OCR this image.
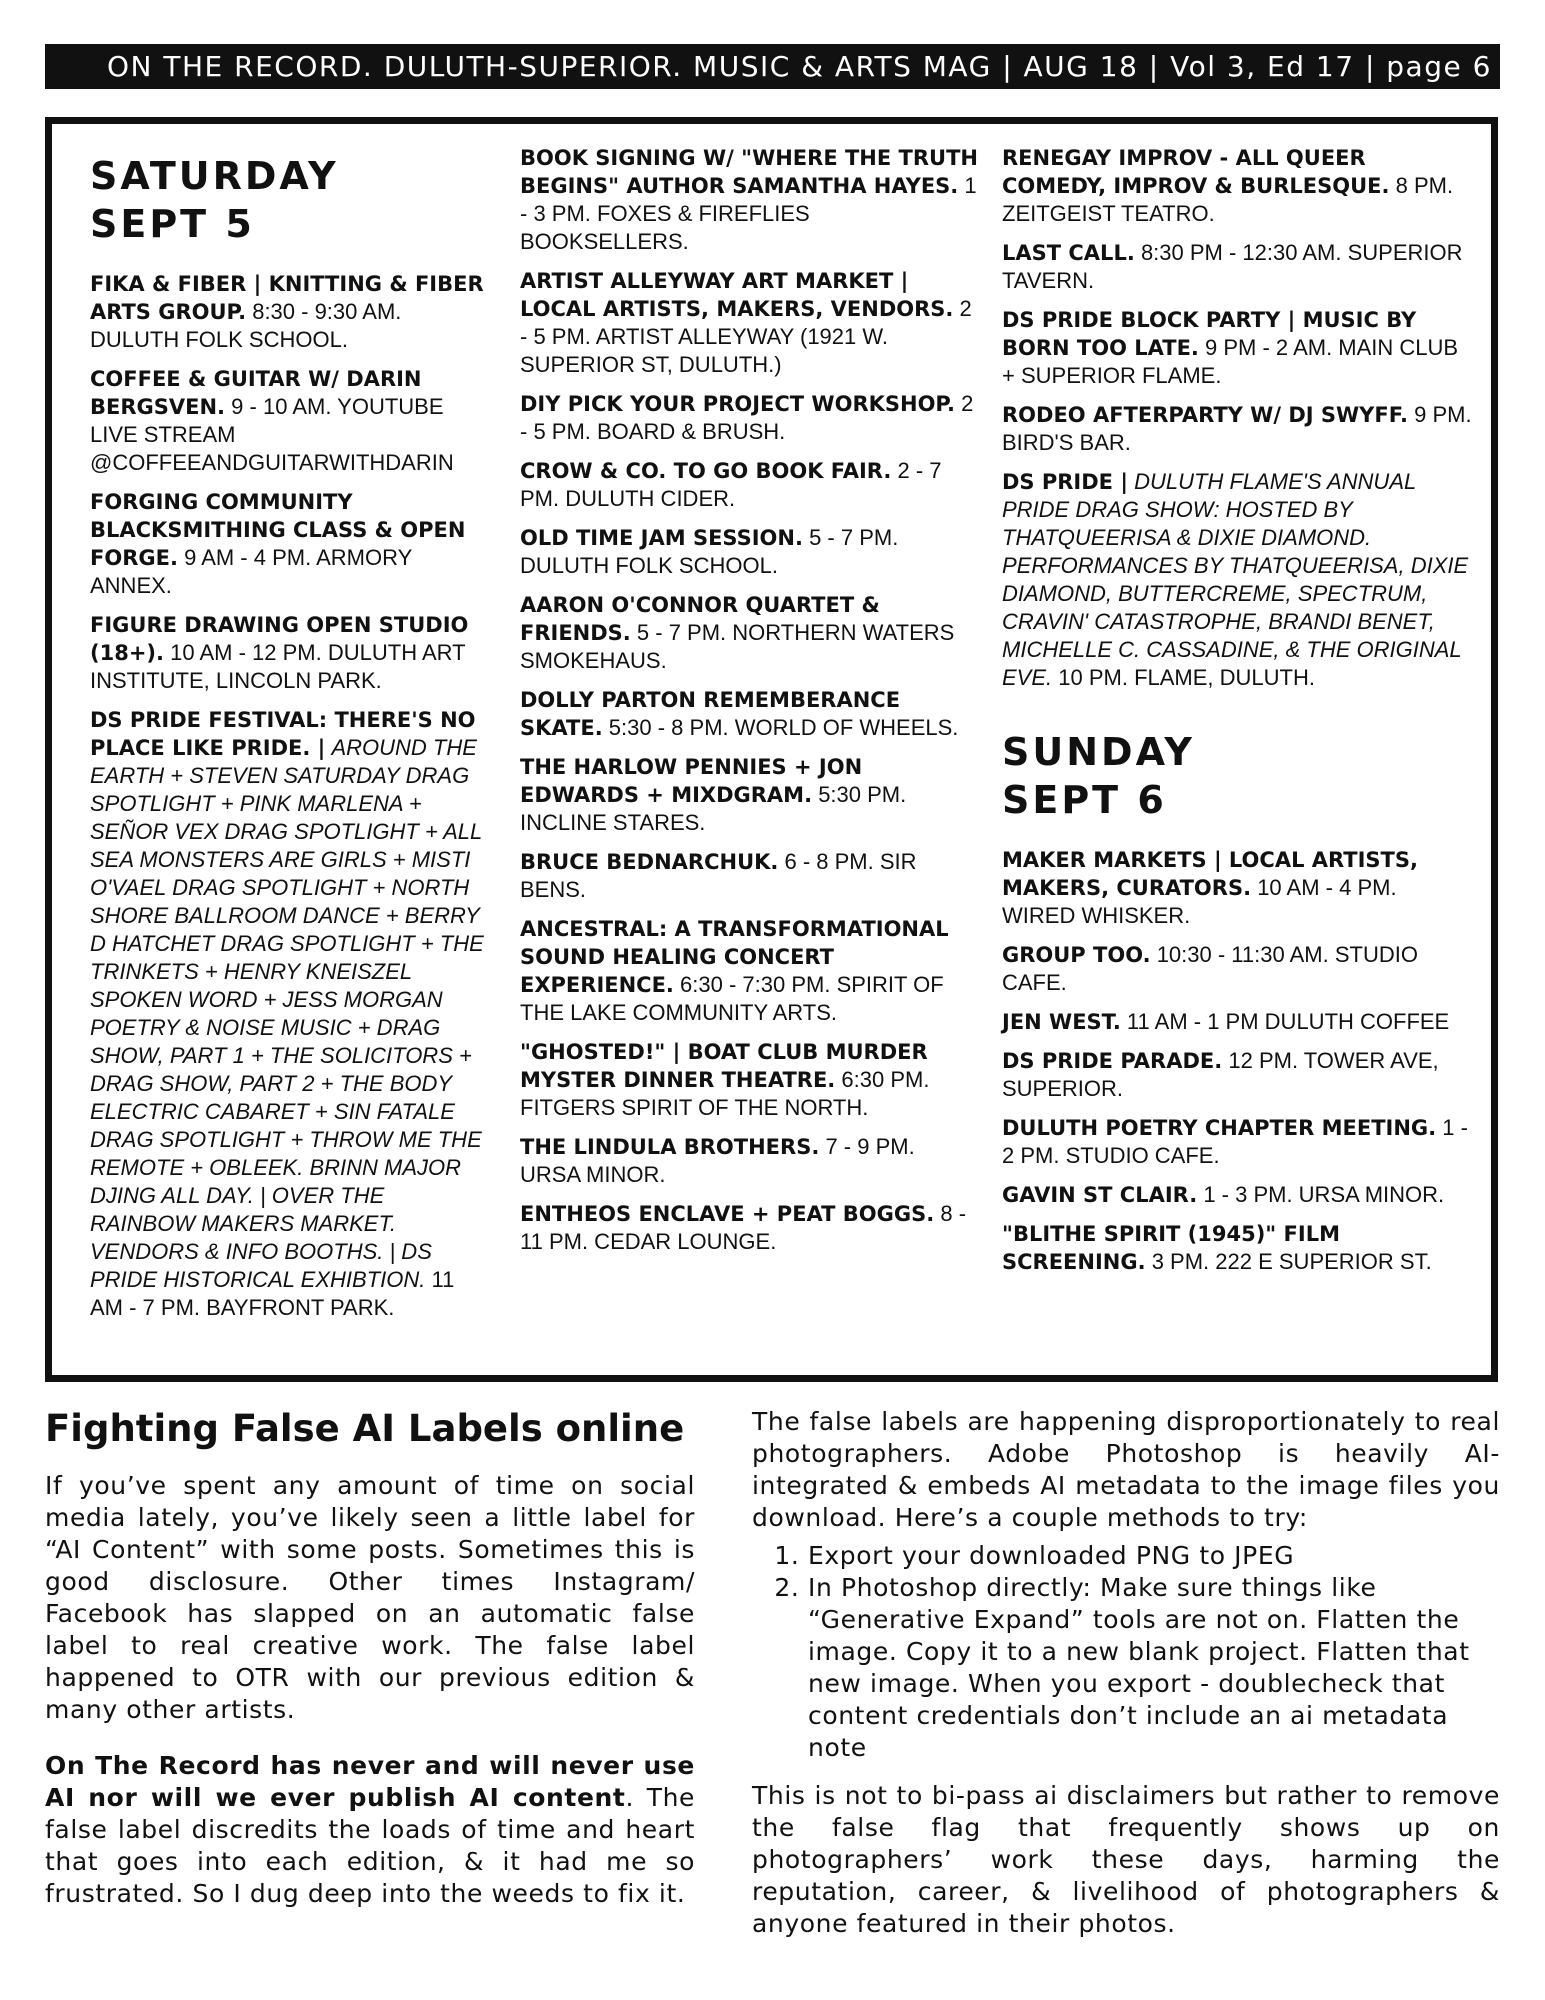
ON THE RECORD. DULUTH-SUPERIOR. MUSIC & ARTS MAG | AUG 18 | Vol 3, Ed 17 | page 6
SATURDAY
SEPT 5
FIKA & FIBER | KNITTING & FIBER ARTS GROUP. 8:30 - 9:30 AM. DULUTH FOLK SCHOOL.
COFFEE & GUITAR W/ DARIN BERGSVEN. 9 - 10 AM. YOUTUBE LIVE STREAM @COFFEEANDGUITARWITHDARIN
FORGING COMMUNITY BLACKSMITHING CLASS & OPEN FORGE. 9 AM - 4 PM. ARMORY ANNEX.
FIGURE DRAWING OPEN STUDIO (18+). 10 AM - 12 PM. DULUTH ART INSTITUTE, LINCOLN PARK.
DS PRIDE FESTIVAL: THERE'S NO PLACE LIKE PRIDE. | AROUND THE EARTH + STEVEN SATURDAY DRAG SPOTLIGHT + PINK MARLENA + SEÑOR VEX DRAG SPOTLIGHT + ALL SEA MONSTERS ARE GIRLS + MISTI O'VAEL DRAG SPOTLIGHT + NORTH SHORE BALLROOM DANCE + BERRY D HATCHET DRAG SPOTLIGHT + THE TRINKETS + HENRY KNEISZEL SPOKEN WORD + JESS MORGAN POETRY & NOISE MUSIC + DRAG SHOW, PART 1 + THE SOLICITORS + DRAG SHOW, PART 2 + THE BODY ELECTRIC CABARET + SIN FATALE DRAG SPOTLIGHT + THROW ME THE REMOTE + OBLEEK. BRINN MAJOR DJING ALL DAY. | OVER THE RAINBOW MAKERS MARKET. VENDORS & INFO BOOTHS. | DS PRIDE HISTORICAL EXHIBTION. 11 AM - 7 PM. BAYFRONT PARK.
BOOK SIGNING W/ "WHERE THE TRUTH BEGINS" AUTHOR SAMANTHA HAYES. 1 - 3 PM. FOXES & FIREFLIES BOOKSELLERS.
ARTIST ALLEYWAY ART MARKET | LOCAL ARTISTS, MAKERS, VENDORS. 2 - 5 PM. ARTIST ALLEYWAY (1921 W. SUPERIOR ST, DULUTH.)
DIY PICK YOUR PROJECT WORKSHOP. 2 - 5 PM. BOARD & BRUSH.
CROW & CO. TO GO BOOK FAIR. 2 - 7 PM. DULUTH CIDER.
OLD TIME JAM SESSION. 5 - 7 PM. DULUTH FOLK SCHOOL.
AARON O'CONNOR QUARTET & FRIENDS. 5 - 7 PM. NORTHERN WATERS SMOKEHAUS.
DOLLY PARTON REMEMBERANCE SKATE. 5:30 - 8 PM. WORLD OF WHEELS.
THE HARLOW PENNIES + JON EDWARDS + MIXDGRAM. 5:30 PM. INCLINE STARES.
BRUCE BEDNARCHUK. 6 - 8 PM. SIR BENS.
ANCESTRAL: A TRANSFORMATIONAL SOUND HEALING CONCERT EXPERIENCE. 6:30 - 7:30 PM. SPIRIT OF THE LAKE COMMUNITY ARTS.
"GHOSTED!" | BOAT CLUB MURDER MYSTER DINNER THEATRE. 6:30 PM. FITGERS SPIRIT OF THE NORTH.
THE LINDULA BROTHERS. 7 - 9 PM. URSA MINOR.
ENTHEOS ENCLAVE + PEAT BOGGS. 8 - 11 PM. CEDAR LOUNGE.
RENEGAY IMPROV - ALL QUEER COMEDY, IMPROV & BURLESQUE. 8 PM. ZEITGEIST TEATRO.
LAST CALL. 8:30 PM - 12:30 AM. SUPERIOR TAVERN.
DS PRIDE BLOCK PARTY | MUSIC BY BORN TOO LATE. 9 PM - 2 AM. MAIN CLUB + SUPERIOR FLAME.
RODEO AFTERPARTY W/ DJ SWYFF. 9 PM. BIRD'S BAR.
DS PRIDE | DULUTH FLAME'S ANNUAL PRIDE DRAG SHOW: HOSTED BY THATQUEERISA & DIXIE DIAMOND. PERFORMANCES BY THATQUEERISA, DIXIE DIAMOND, BUTTERCREME, SPECTRUM, CRAVIN' CATASTROPHE, BRANDI BENET, MICHELLE C. CASSADINE, & THE ORIGINAL EVE. 10 PM. FLAME, DULUTH.
SUNDAY
SEPT 6
MAKER MARKETS | LOCAL ARTISTS, MAKERS, CURATORS. 10 AM - 4 PM. WIRED WHISKER.
GROUP TOO. 10:30 - 11:30 AM. STUDIO CAFE.
JEN WEST. 11 AM - 1 PM DULUTH COFFEE
DS PRIDE PARADE. 12 PM. TOWER AVE, SUPERIOR.
DULUTH POETRY CHAPTER MEETING. 1 - 2 PM. STUDIO CAFE.
GAVIN ST CLAIR. 1 - 3 PM. URSA MINOR.
"BLITHE SPIRIT (1945)" FILM SCREENING. 3 PM. 222 E SUPERIOR ST.
Fighting False AI Labels online

If you’ve spent any amount of time on social media lately, you’ve likely seen a little label for “AI Content” with some posts. Sometimes this is good disclosure. Other times Instagram/ Facebook has slapped on an automatic false label to real creative work. The false label happened to OTR with our previous edition & many other artists.

On The Record has never and will never use AI nor will we ever publish AI content. The false label discredits the loads of time and heart that goes into each edition, & it had me so frustrated. So I dug deep into the weeds to fix it.

The false labels are happening disproportionately to real photographers. Adobe Photoshop is heavily AI-integrated & embeds AI metadata to the image files you download. Here’s a couple methods to try:

1. Export your downloaded PNG to JPEG
2. In Photoshop directly: Make sure things like “Generative Expand” tools are not on. Flatten the image. Copy it to a new blank project. Flatten that new image. When you export - doublecheck that content credentials don’t include an ai metadata note

This is not to bi-pass ai disclaimers but rather to remove the false flag that frequently shows up on photographers’ work these days, harming the reputation, career, & livelihood of photographers & anyone featured in their photos.
